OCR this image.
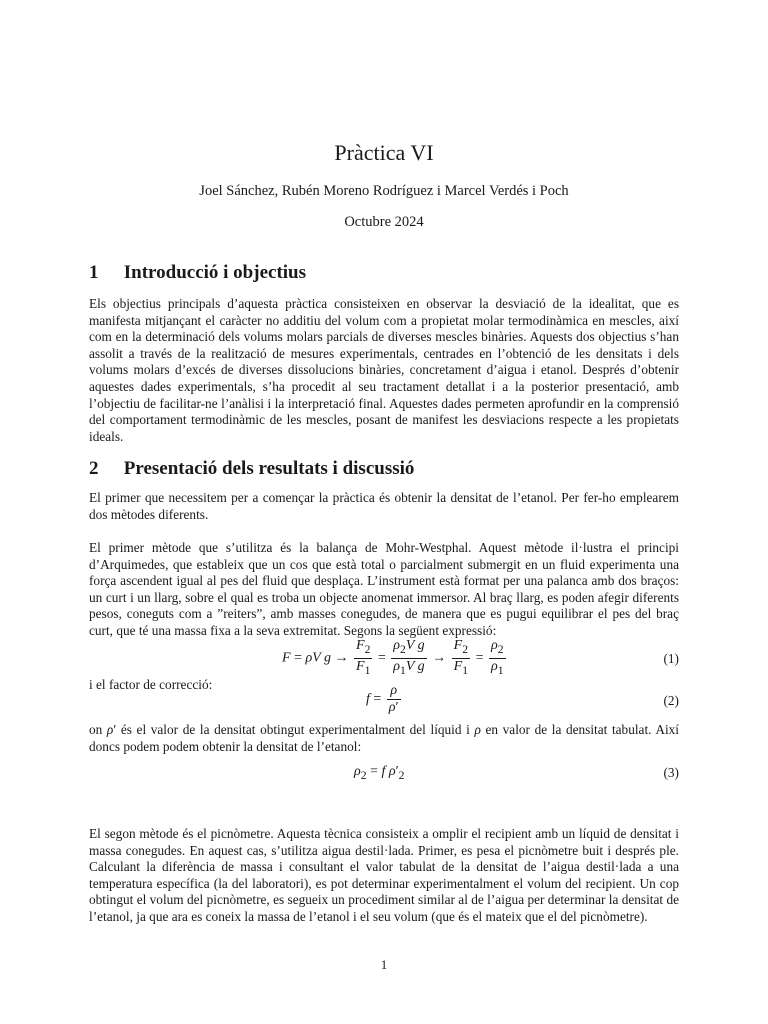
Pràctica VI
Joel Sánchez, Rubén Moreno Rodríguez i Marcel Verdés i Poch
Octubre 2024
1 Introducció i objectius
Els objectius principals d’aquesta pràctica consisteixen en observar la desviació de la idealitat, que es manifesta mitjançant el caràcter no additiu del volum com a propietat molar termodinàmica en mescles, així com en la determinació dels volums molars parcials de diverses mescles binàries. Aquests dos objectius s’han assolit a través de la realització de mesures experimentals, centrades en l’obtenció de les densitats i dels volums molars d’excés de diverses dissolucions binàries, concretament d’aigua i etanol. Després d’obtenir aquestes dades experimentals, s’ha procedit al seu tractament detallat i a la posterior presentació, amb l’objectiu de facilitar-ne l’anàlisi i la interpretació final. Aquestes dades permeten aprofundir en la comprensió del comportament termodinàmic de les mescles, posant de manifest les desviacions respecte a les propietats ideals.
2 Presentació dels resultats i discussió
El primer que necessitem per a començar la pràctica és obtenir la densitat de l’etanol. Per fer-ho emplearem dos mètodes diferents.
El primer mètode que s’utilitza és la balança de Mohr-Westphal. Aquest mètode il·lustra el principi d’Arquimedes, que estableix que un cos que està total o parcialment submergit en un fluid experimenta una força ascendent igual al pes del fluid que desplaça. L’instrument està format per una palanca amb dos braços: un curt i un llarg, sobre el qual es troba un objecte anomenat immersor. Al braç llarg, es poden afegir diferents pesos, coneguts com a ”reiters”, amb masses conegudes, de manera que es pugui equilibrar el pes del braç curt, que té una massa fixa a la seva extremitat. Segons la següent expressió:
F = ρV $g \to \frac{F_2}{F_1} = \frac{\rho_2V g}{\rho_1V g} \to \frac{F_2}{F_1} = \frac{\rho_2}{\rho_1}$	(1)
i el factor de correcció:
$f = \frac{\rho}{\rho'}$	(2)
on ρ′ és el valor de la densitat obtingut experimentalment del líquid i ρ en valor de la densitat tabulat. Així doncs podem podem obtenir la densitat de l’etanol:
$\rho_2 = f$ $\rho'_2$	(3)
El segon mètode és el picnòmetre. Aquesta tècnica consisteix a omplir el recipient amb un líquid de densitat i massa conegudes. En aquest cas, s’utilitza aigua destil·lada. Primer, es pesa el picnòmetre buit i després ple. Calculant la diferència de massa i consultant el valor tabulat de la densitat de l’aigua destil·lada a una temperatura específica (la del laboratori), es pot determinar experimentalment el volum del recipient. Un cop obtingut el volum del picnòmetre, es segueix un procediment similar al de l’aigua per determinar la densitat de l’etanol, ja que ara es coneix la massa de l’etanol i el seu volum (que és el mateix que el del picnòmetre).
1
